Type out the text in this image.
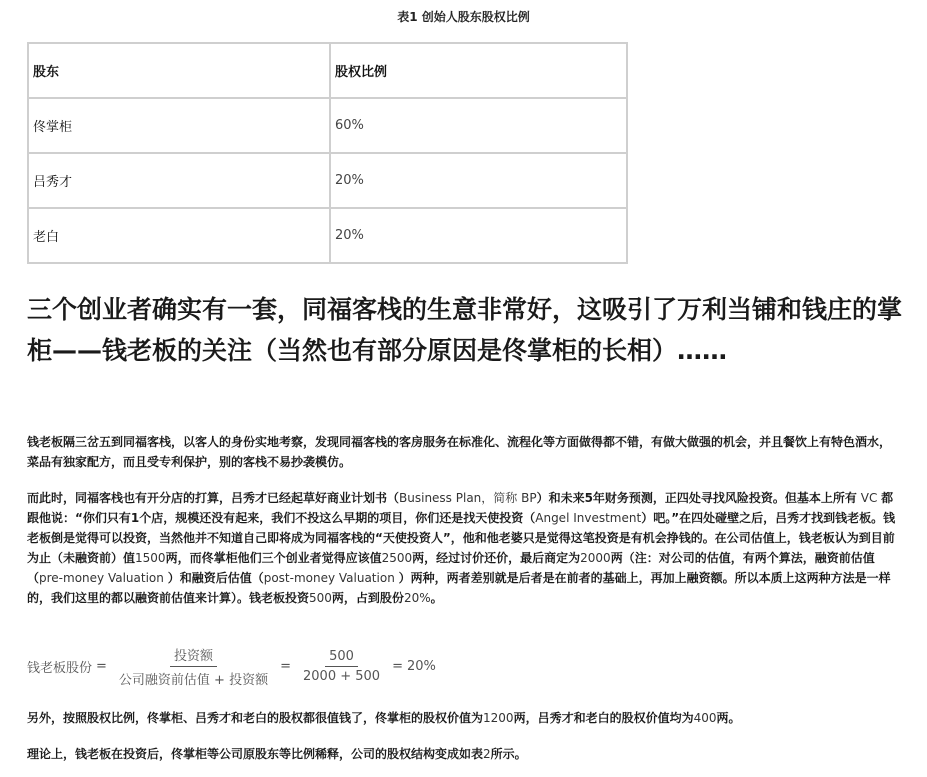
表1 创始人股东股权比例
股东	股权比例
佟掌柜	60%
吕秀才	20%
老白	20%
三个创业者确实有一套，同福客栈的生意非常好，这吸引了万利当铺和钱庄的掌柜——钱老板的关注（当然也有部分原因是佟掌柜的长相）……

钱老板隔三岔五到同福客栈，以客人的身份实地考察，发现同福客栈的客房服务在标准化、流程化等方面做得都不错，有做大做强的机会，并且餐饮上有特色酒水，菜品有独家配方，而且受专利保护，别的客栈不易抄袭模仿。

而此时，同福客栈也有开分店的打算，吕秀才已经起草好商业计划书（Business Plan，简称 BP）和未来5年财务预测，正四处寻找风险投资。但基本上所有 VC 都跟他说：“你们只有1个店，规模还没有起来，我们不投这么早期的项目，你们还是找天使投资（Angel Investment）吧。”在四处碰壁之后，吕秀才找到钱老板。钱老板倒是觉得可以投资，当然他并不知道自己即将成为同福客栈的“天使投资人”，他和他老婆只是觉得这笔投资是有机会挣钱的。在公司估值上，钱老板认为到目前为止（未融资前）值1500两，而佟掌柜他们三个创业者觉得应该值2500两，经过讨价还价，最后商定为2000两（注：对公司的估值，有两个算法，融资前估值（pre-money Valuation ）和融资后估值（post-money Valuation ）两种，两者差别就是后者是在前者的基础上，再加上融资额。所以本质上这两种方法是一样的，我们这里的都以融资前估值来计算）。钱老板投资500两，占到股份20%。

钱老板股份 = $\frac{\text{投资额}}{\text{公司融资前估值 + 投资额}} = \frac{500}{2000 + 500} = 20\%$

另外，按照股权比例，佟掌柜、吕秀才和老白的股权都很值钱了，佟掌柜的股权价值为1200两，吕秀才和老白的股权价值均为400两。

理论上，钱老板在投资后，佟掌柜等公司原股东等比例稀释，公司的股权结构变成如表2所示。
